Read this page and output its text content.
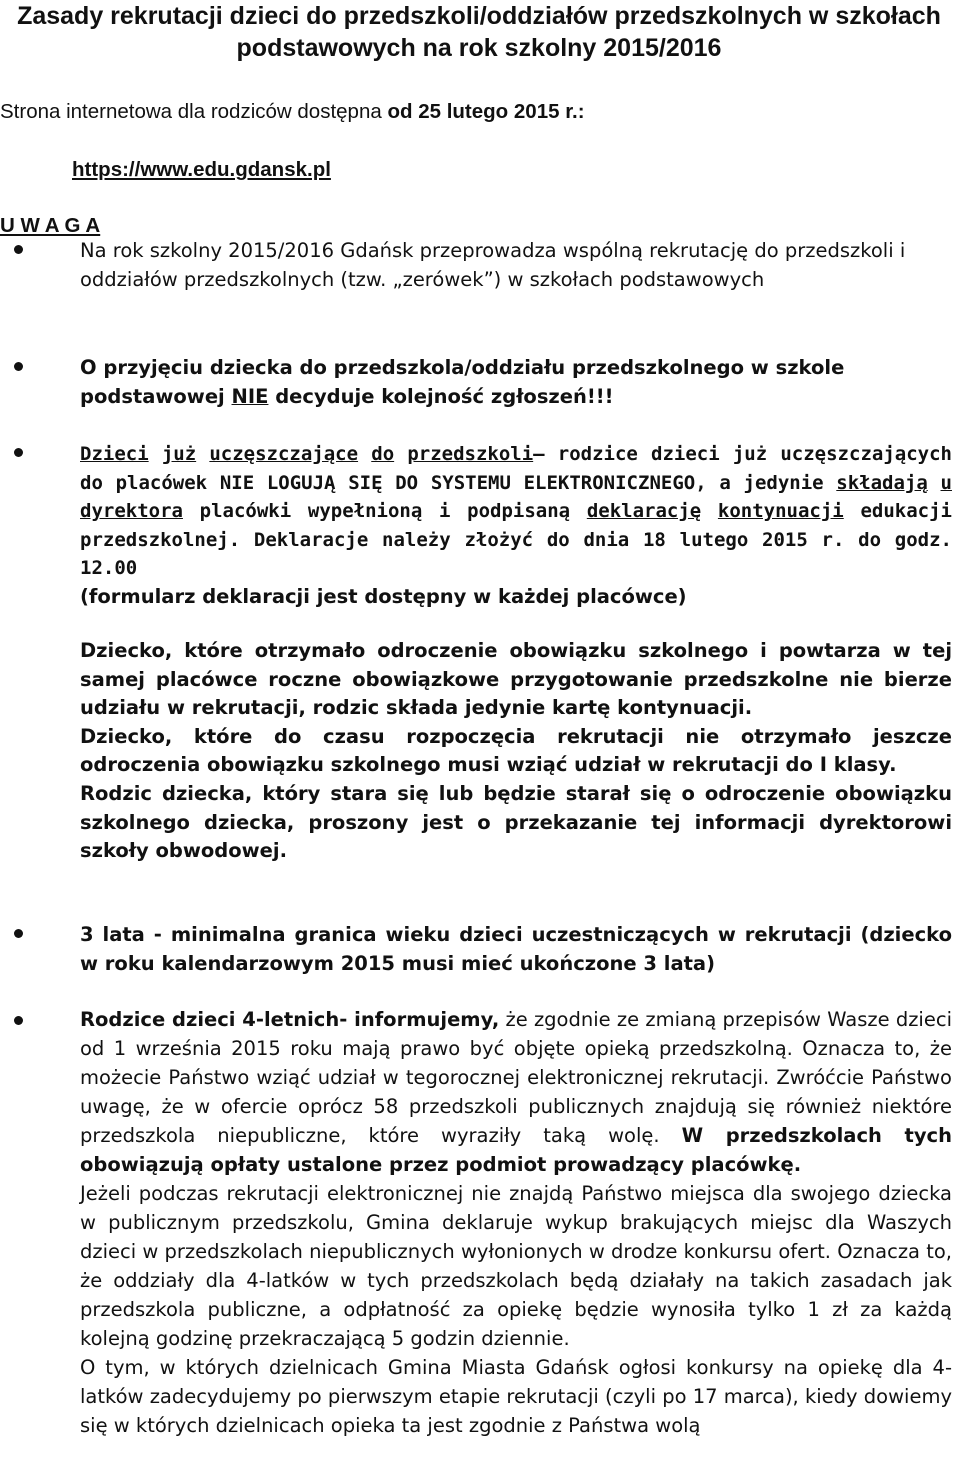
Zasady rekrutacji dzieci do przedszkoli/oddziałów przedszkolnych w szkołach podstawowych na rok szkolny 2015/2016
Strona internetowa dla rodziców dostępna od 25 lutego 2015 r.:
https://www.edu.gdansk.pl
U W A G A

Na rok szkolny 2015/2016 Gdańsk przeprowadza wspólną rekrutację do przedszkoli i oddziałów przedszkolnych (tzw. „zerówek”) w szkołach podstawowych

O przyjęciu dziecka do przedszkola/oddziału przedszkolnego w szkole podstawowej NIE decyduje kolejność zgłoszeń!!!

Dzieci już uczęszczające do przedszkoli– rodzice dzieci już uczęszczających do placówek NIE LOGUJĄ SIĘ DO SYSTEMU ELEKTRONICZNEGO, a jedynie składają u dyrektora placówki wypełnioną i podpisaną deklarację kontynuacji edukacji przedszkolnej. Deklaracje należy złożyć do dnia 18 lutego 2015 r. do godz. 12.00

(formularz deklaracji jest dostępny w każdej placówce)

Dziecko, które otrzymało odroczenie obowiązku szkolnego i powtarza w tej samej placówce roczne obowiązkowe przygotowanie przedszkolne nie bierze udziału w rekrutacji, rodzic składa jedynie kartę kontynuacji.

Dziecko, które do czasu rozpoczęcia rekrutacji nie otrzymało jeszcze odroczenia obowiązku szkolnego musi wziąć udział w rekrutacji do I klasy.

Rodzic dziecka, który stara się lub będzie starał się o odroczenie obowiązku szkolnego dziecka, proszony jest o przekazanie tej informacji dyrektorowi szkoły obwodowej.

3 lata - minimalna granica wieku dzieci uczestniczących w rekrutacji (dziecko w roku kalendarzowym 2015 musi mieć ukończone 3 lata)

Rodzice dzieci 4-letnich- informujemy, że zgodnie ze zmianą przepisów Wasze dzieci od 1 września 2015 roku mają prawo być objęte opieką przedszkolną. Oznacza to, że możecie Państwo wziąć udział w tegorocznej elektronicznej rekrutacji. Zwróćcie Państwo uwagę, że w ofercie oprócz 58 przedszkoli publicznych znajdują się również niektóre przedszkola niepubliczne, które wyraziły taką wolę. W przedszkolach tych obowiązują opłaty ustalone przez podmiot prowadzący placówkę.

Jeżeli podczas rekrutacji elektronicznej nie znajdą Państwo miejsca dla swojego dziecka w publicznym przedszkolu, Gmina deklaruje wykup brakujących miejsc dla Waszych dzieci w przedszkolach niepublicznych wyłonionych w drodze konkursu ofert. Oznacza to, że oddziały dla 4-latków w tych przedszkolach będą działały na takich zasadach jak przedszkola publiczne, a odpłatność za opiekę będzie wynosiła tylko 1 zł za każdą kolejną godzinę przekraczającą 5 godzin dziennie.

O tym, w których dzielnicach Gmina Miasta Gdańsk ogłosi konkursy na opiekę dla 4-latków zadecydujemy po pierwszym etapie rekrutacji (czyli po 17 marca), kiedy dowiemy się w których dzielnicach opieka ta jest zgodnie z Państwa wolą
